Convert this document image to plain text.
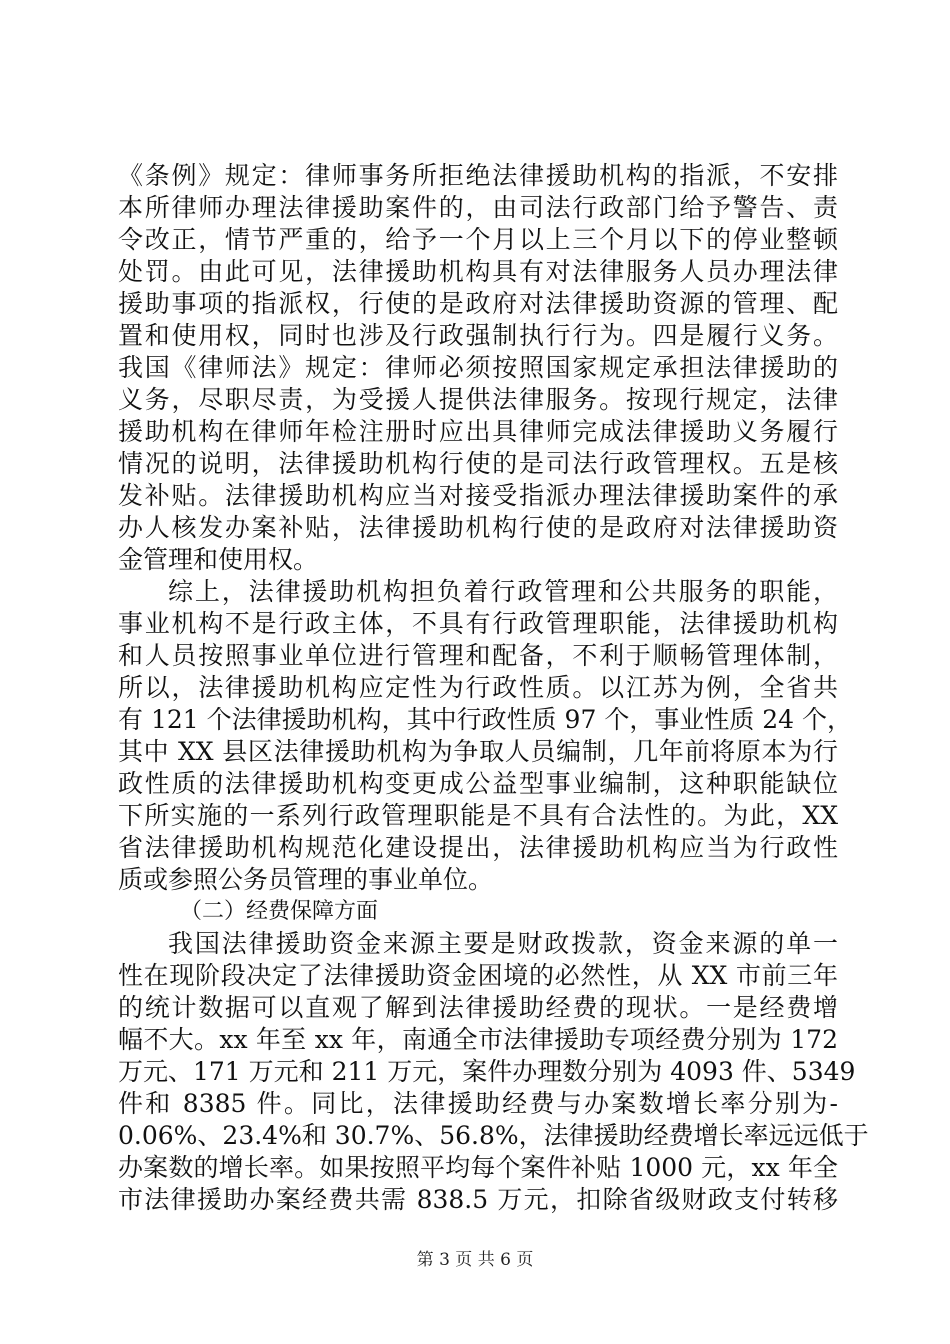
《条例》规定：律师事务所拒绝法律援助机构的指派，不安排
本所律师办理法律援助案件的，由司法行政部门给予警告、责
令改正，情节严重的，给予一个月以上三个月以下的停业整顿
处罚。由此可见，法律援助机构具有对法律服务人员办理法律
援助事项的指派权，行使的是政府对法律援助资源的管理、配
置和使用权，同时也涉及行政强制执行行为。四是履行义务。
我国《律师法》规定：律师必须按照国家规定承担法律援助的
义务，尽职尽责，为受援人提供法律服务。按现行规定，法律
援助机构在律师年检注册时应出具律师完成法律援助义务履行
情况的说明，法律援助机构行使的是司法行政管理权。五是核
发补贴。法律援助机构应当对接受指派办理法律援助案件的承
办人核发办案补贴，法律援助机构行使的是政府对法律援助资
金管理和使用权。
综上，法律援助机构担负着行政管理和公共服务的职能，
事业机构不是行政主体，不具有行政管理职能，法律援助机构
和人员按照事业单位进行管理和配备，不利于顺畅管理体制，
所以，法律援助机构应定性为行政性质。以江苏为例，全省共
有 121 个法律援助机构，其中行政性质 97 个，事业性质 24 个，
其中 XX 县区法律援助机构为争取人员编制，几年前将原本为行
政性质的法律援助机构变更成公益型事业编制，这种职能缺位
下所实施的一系列行政管理职能是不具有合法性的。为此，XX
省法律援助机构规范化建设提出，法律援助机构应当为行政性
质或参照公务员管理的事业单位。
（二）经费保障方面
我国法律援助资金来源主要是财政拨款，资金来源的单一
性在现阶段决定了法律援助资金困境的必然性，从 XX 市前三年
的统计数据可以直观了解到法律援助经费的现状。一是经费增
幅不大。xx 年至 xx 年，南通全市法律援助专项经费分别为 172
万元、171 万元和 211 万元，案件办理数分别为 4093 件、5349
件和 8385 件。同比，法律援助经费与办案数增长率分别为-
0.06%、23.4%和 30.7%、56.8%，法律援助经费增长率远远低于
办案数的增长率。如果按照平均每个案件补贴 1000 元，xx 年全
市法律援助办案经费共需 838.5 万元，扣除省级财政支付转移
第 3 页 共 6 页
